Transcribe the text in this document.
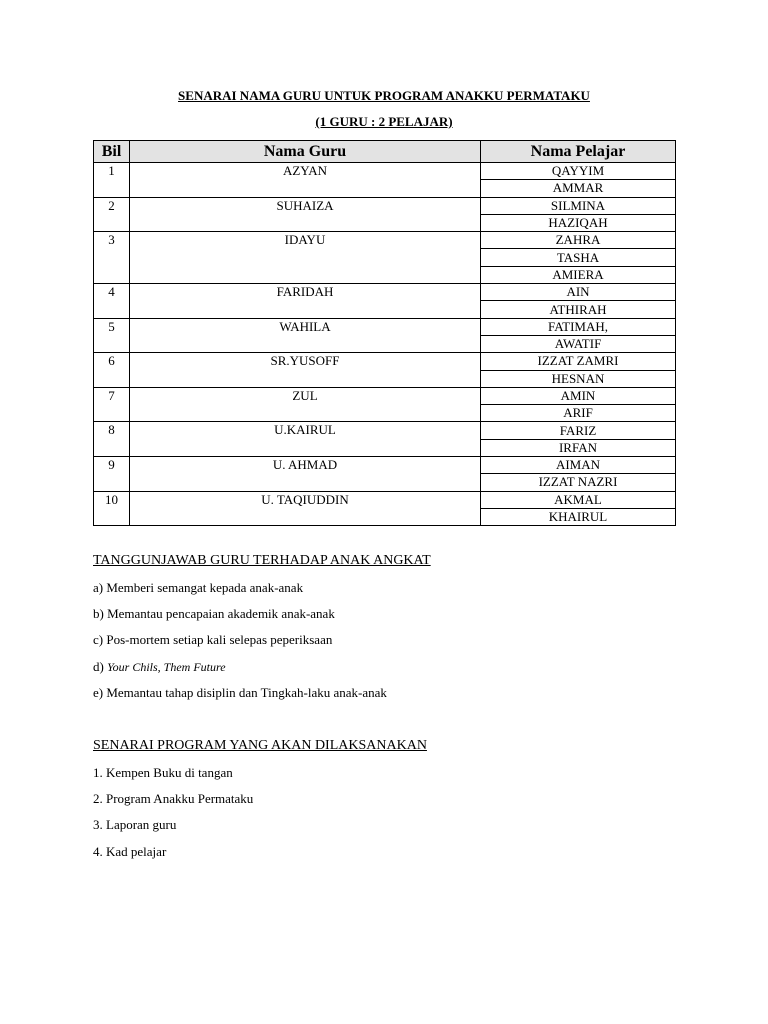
SENARAI NAMA GURU UNTUK PROGRAM ANAKKU PERMATAKU
(1 GURU : 2 PELAJAR)
Bil	Nama Guru	Nama Pelajar
1	AZYAN	QAYYIM
		AMMAR
2	SUHAIZA	SILMINA
		HAZIQAH
3	IDAYU	ZAHRA
		TASHA
		AMIERA
4	FARIDAH	AIN
		ATHIRAH
5	WAHILA	FATIMAH,
		AWATIF
6	SR.YUSOFF	IZZAT ZAMRI
		HESNAN
7	ZUL	AMIN
		ARIF
8	U.KAIRUL	FARIZ
		IRFAN
9	U. AHMAD	AIMAN
		IZZAT NAZRI
10	U. TAQIUDDIN	AKMAL
		KHAIRUL
TANGGUNJAWAB GURU TERHADAP ANAK ANGKAT
a) Memberi semangat kepada anak-anak
b) Memantau pencapaian akademik anak-anak
c) Pos-mortem setiap kali selepas peperiksaan
d) Your Chils, Them Future
e) Memantau tahap disiplin dan Tingkah-laku anak-anak
SENARAI PROGRAM YANG AKAN DILAKSANAKAN
1. Kempen Buku di tangan
2. Program Anakku Permataku
3. Laporan guru
4. Kad pelajar
